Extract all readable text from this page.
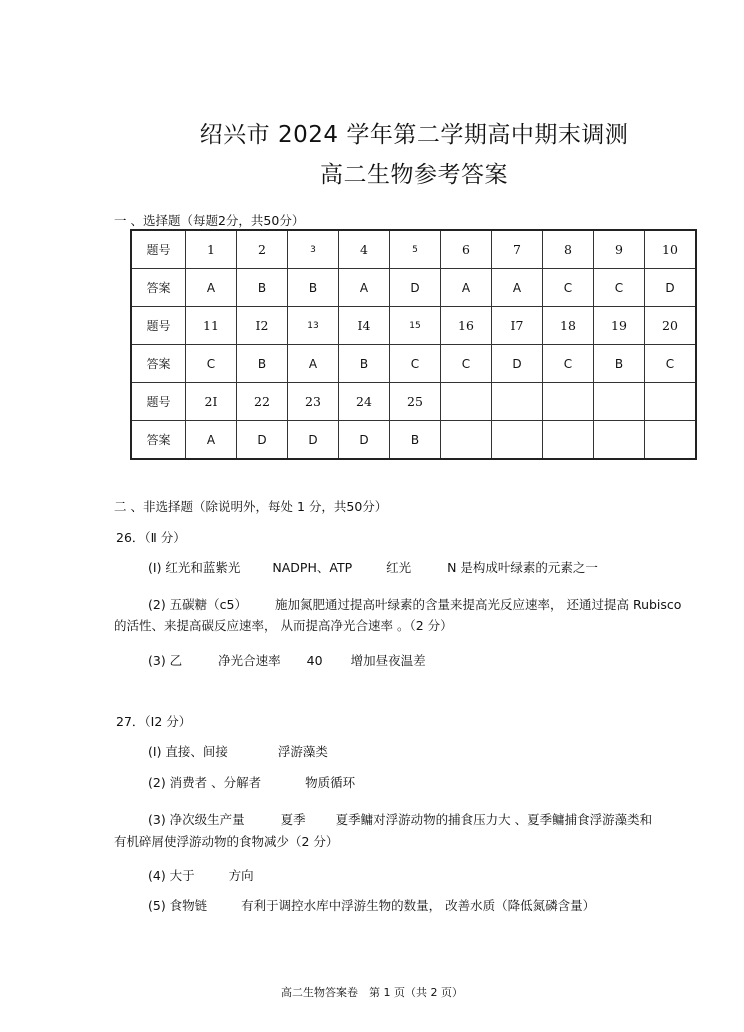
绍兴市 2024 学年第二学期高中期末调测
高二生物参考答案
一 、选择题（每题2分，共50分）
题号	1	2	3	4	5	6	7	8	9	10
答案	A	B	B	A	D	A	A	C	C	D
题号	11	I2	13	I4	15	16	I7	18	19	20
答案	C	B	A	B	C	C	D	C	B	C
题号	2I	22	23	24	25					
答案	A	D	D	D	B					
二 、非选择题（除说明外，每处 1 分，共50分）
26．（Ⅱ 分）
(I) 红光和蓝紫光	NADPH、ATP	红光	N 是构成叶绿素的元素之一
(2) 五碳糖（c5） 施加氮肥通过提高叶绿素的含量来提高光反应速率， 还通过提高 Rubisco
的活性、来提高碳反应速率， 从而提高净光合速率 。（2 分）
(3) 乙	净光合速率 40 增加昼夜温差
27．（I2 分）
(I) 直接、间接	浮游藻类
(2) 消费者 、分解者	物质循环
(3) 净次级生产量	夏季 夏季鳙对浮游动物的捕食压力大 、夏季鳙捕食浮游藻类和
有机碎屑使浮游动物的食物减少（2 分）
(4) 大于	方向
(5) 食物链	有利于调控水库中浮游生物的数量， 改善水质（降低氮磷含量）
高二生物答案卷　第 1 页（共 2 页）
